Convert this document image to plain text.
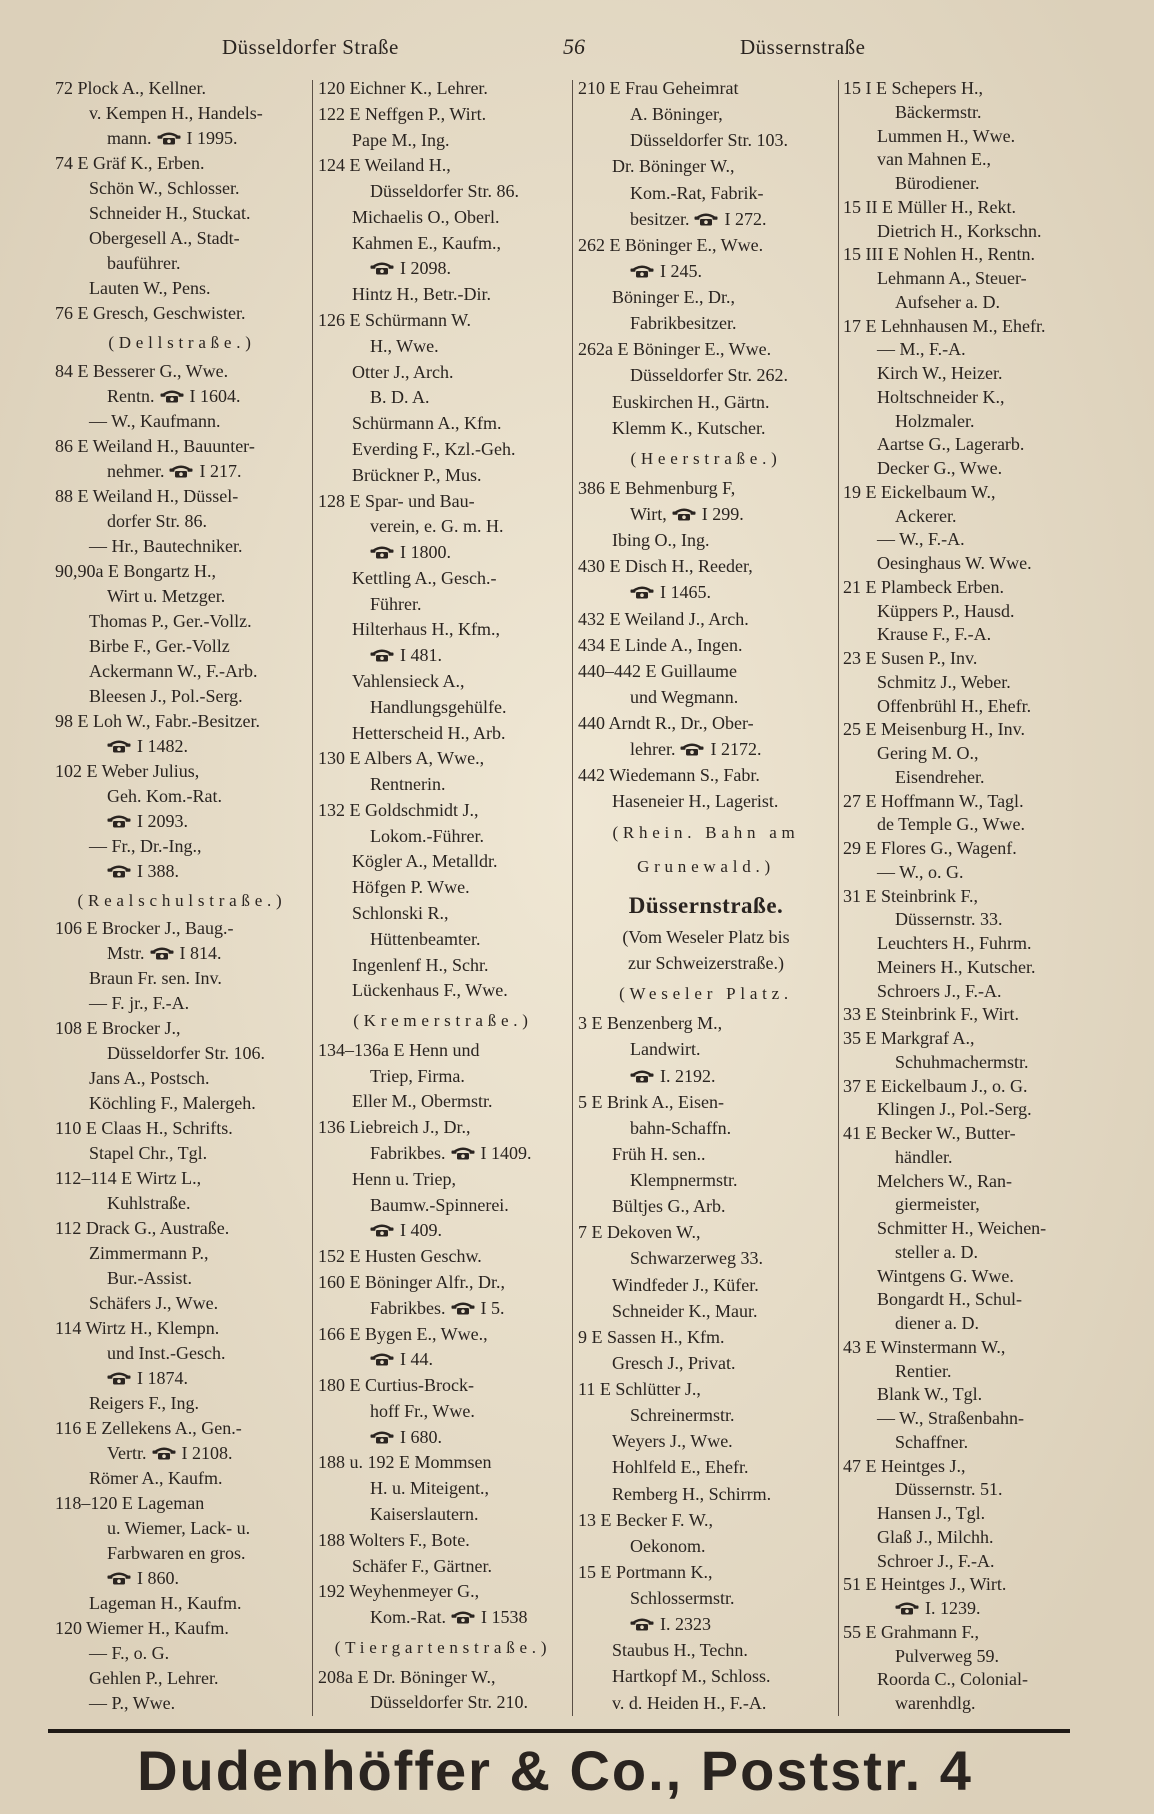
Düsseldorfer Straße	56	Düssernstraße
72 Plock A., Kellner.
v. Kempen H., Handels-
mann. I 1995.
74 E Gräf K., Erben.
Schön W., Schlosser.
Schneider H., Stuckat.
Obergesell A., Stadt-
bauführer.
Lauten W., Pens.
76 E Gresch, Geschwister.
(Dellstraße.)
84 E Besserer G., Wwe.
Rentn. I 1604.
— W., Kaufmann.
86 E Weiland H., Bauunter-
nehmer. I 217.
88 E Weiland H., Düssel-
dorfer Str. 86.
— Hr., Bautechniker.
90,90a E Bongartz H.,
Wirt u. Metzger.
Thomas P., Ger.-Vollz.
Birbe F., Ger.-Vollz
Ackermann W., F.-Arb.
Bleesen J., Pol.-Serg.
98 E Loh W., Fabr.-Besitzer.
I 1482.
102 E Weber Julius,
Geh. Kom.-Rat.
I 2093.
— Fr., Dr.-Ing.,
I 388.
(Realschulstraße.)
106 E Brocker J., Baug.-
Mstr. I 814.
Braun Fr. sen. Inv.
— F. jr., F.-A.
108 E Brocker J.,
Düsseldorfer Str. 106.
Jans A., Postsch.
Köchling F., Malergeh.
110 E Claas H., Schrifts.
Stapel Chr., Tgl.
112–114 E Wirtz L.,
Kuhlstraße.
112 Drack G., Austraße.
Zimmermann P.,
Bur.-Assist.
Schäfers J., Wwe.
114 Wirtz H., Klempn.
und Inst.-Gesch.
I 1874.
Reigers F., Ing.
116 E Zellekens A., Gen.-
Vertr. I 2108.
Römer A., Kaufm.
118–120 E Lageman
u. Wiemer, Lack- u.
Farbwaren en gros.
I 860.
Lageman H., Kaufm.
120 Wiemer H., Kaufm.
— F., o. G.
Gehlen P., Lehrer.
— P., Wwe.
120 Eichner K., Lehrer.
122 E Neffgen P., Wirt.
Pape M., Ing.
124 E Weiland H.,
Düsseldorfer Str. 86.
Michaelis O., Oberl.
Kahmen E., Kaufm.,
I 2098.
Hintz H., Betr.-Dir.
126 E Schürmann W.
H., Wwe.
Otter J., Arch.
B. D. A.
Schürmann A., Kfm.
Everding F., Kzl.-Geh.
Brückner P., Mus.
128 E Spar- und Bau-
verein, e. G. m. H.
I 1800.
Kettling A., Gesch.-
Führer.
Hilterhaus H., Kfm.,
I 481.
Vahlensieck A.,
Handlungsgehülfe.
Hetterscheid H., Arb.
130 E Albers A, Wwe.,
Rentnerin.
132 E Goldschmidt J.,
Lokom.-Führer.
Kögler A., Metalldr.
Höfgen P. Wwe.
Schlonski R.,
Hüttenbeamter.
Ingenlenf H., Schr.
Lückenhaus F., Wwe.
(Kremerstraße.)
134–136a E Henn und
Triep, Firma.
Eller M., Obermstr.
136 Liebreich J., Dr.,
Fabrikbes. I 1409.
Henn u. Triep,
Baumw.-Spinnerei.
I 409.
152 E Husten Geschw.
160 E Böninger Alfr., Dr.,
Fabrikbes. I 5.
166 E Bygen E., Wwe.,
I 44.
180 E Curtius-Brock-
hoff Fr., Wwe.
I 680.
188 u. 192 E Mommsen
H. u. Miteigent.,
Kaiserslautern.
188 Wolters F., Bote.
Schäfer F., Gärtner.
192 Weyhenmeyer G.,
Kom.-Rat. I 1538
(Tiergartenstraße.)
208a E Dr. Böninger W.,
Düsseldorfer Str. 210.
210 E Frau Geheimrat
A. Böninger,
Düsseldorfer Str. 103.
Dr. Böninger W.,
Kom.-Rat, Fabrik-
besitzer. I 272.
262 E Böninger E., Wwe.
I 245.
Böninger E., Dr.,
Fabrikbesitzer.
262a E Böninger E., Wwe.
Düsseldorfer Str. 262.
Euskirchen H., Gärtn.
Klemm K., Kutscher.
(Heerstraße.)
386 E Behmenburg F,
Wirt, I 299.
Ibing O., Ing.
430 E Disch H., Reeder,
I 1465.
432 E Weiland J., Arch.
434 E Linde A., Ingen.
440–442 E Guillaume
und Wegmann.
440 Arndt R., Dr., Ober-
lehrer. I 2172.
442 Wiedemann S., Fabr.
Haseneier H., Lagerist.
(Rhein. Bahn am
Grunewald.)
Düssernstraße.
(Vom Weseler Platz bis
zur Schweizerstraße.)
(Weseler Platz.
3 E Benzenberg M.,
Landwirt.
I. 2192.
5 E Brink A., Eisen-
bahn-Schaffn.
Früh H. sen..
Klempnermstr.
Bültjes G., Arb.
7 E Dekoven W.,
Schwarzerweg 33.
Windfeder J., Küfer.
Schneider K., Maur.
9 E Sassen H., Kfm.
Gresch J., Privat.
11 E Schlütter J.,
Schreinermstr.
Weyers J., Wwe.
Hohlfeld E., Ehefr.
Remberg H., Schirrm.
13 E Becker F. W.,
Oekonom.
15 E Portmann K.,
Schlossermstr.
I. 2323
Staubus H., Techn.
Hartkopf M., Schloss.
v. d. Heiden H., F.-A.
15 I E Schepers H.,
Bäckermstr.
Lummen H., Wwe.
van Mahnen E.,
Bürodiener.
15 II E Müller H., Rekt.
Dietrich H., Korkschn.
15 III E Nohlen H., Rentn.
Lehmann A., Steuer-
Aufseher a. D.
17 E Lehnhausen M., Ehefr.
— M., F.-A.
Kirch W., Heizer.
Holtschneider K.,
Holzmaler.
Aartse G., Lagerarb.
Decker G., Wwe.
19 E Eickelbaum W.,
Ackerer.
— W., F.-A.
Oesinghaus W. Wwe.
21 E Plambeck Erben.
Küppers P., Hausd.
Krause F., F.-A.
23 E Susen P., Inv.
Schmitz J., Weber.
Offenbrühl H., Ehefr.
25 E Meisenburg H., Inv.
Gering M. O.,
Eisendreher.
27 E Hoffmann W., Tagl.
de Temple G., Wwe.
29 E Flores G., Wagenf.
— W., o. G.
31 E Steinbrink F.,
Düssernstr. 33.
Leuchters H., Fuhrm.
Meiners H., Kutscher.
Schroers J., F.-A.
33 E Steinbrink F., Wirt.
35 E Markgraf A.,
Schuhmachermstr.
37 E Eickelbaum J., o. G.
Klingen J., Pol.-Serg.
41 E Becker W., Butter-
händler.
Melchers W., Ran-
giermeister,
Schmitter H., Weichen-
steller a. D.
Wintgens G. Wwe.
Bongardt H., Schul-
diener a. D.
43 E Winstermann W.,
Rentier.
Blank W., Tgl.
— W., Straßenbahn-
Schaffner.
47 E Heintges J.,
Düssernstr. 51.
Hansen J., Tgl.
Glaß J., Milchh.
Schroer J., F.-A.
51 E Heintges J., Wirt.
I. 1239.
55 E Grahmann F.,
Pulverweg 59.
Roorda C., Colonial-
warenhdlg.
Dudenhöffer & Co., Poststr. 4
